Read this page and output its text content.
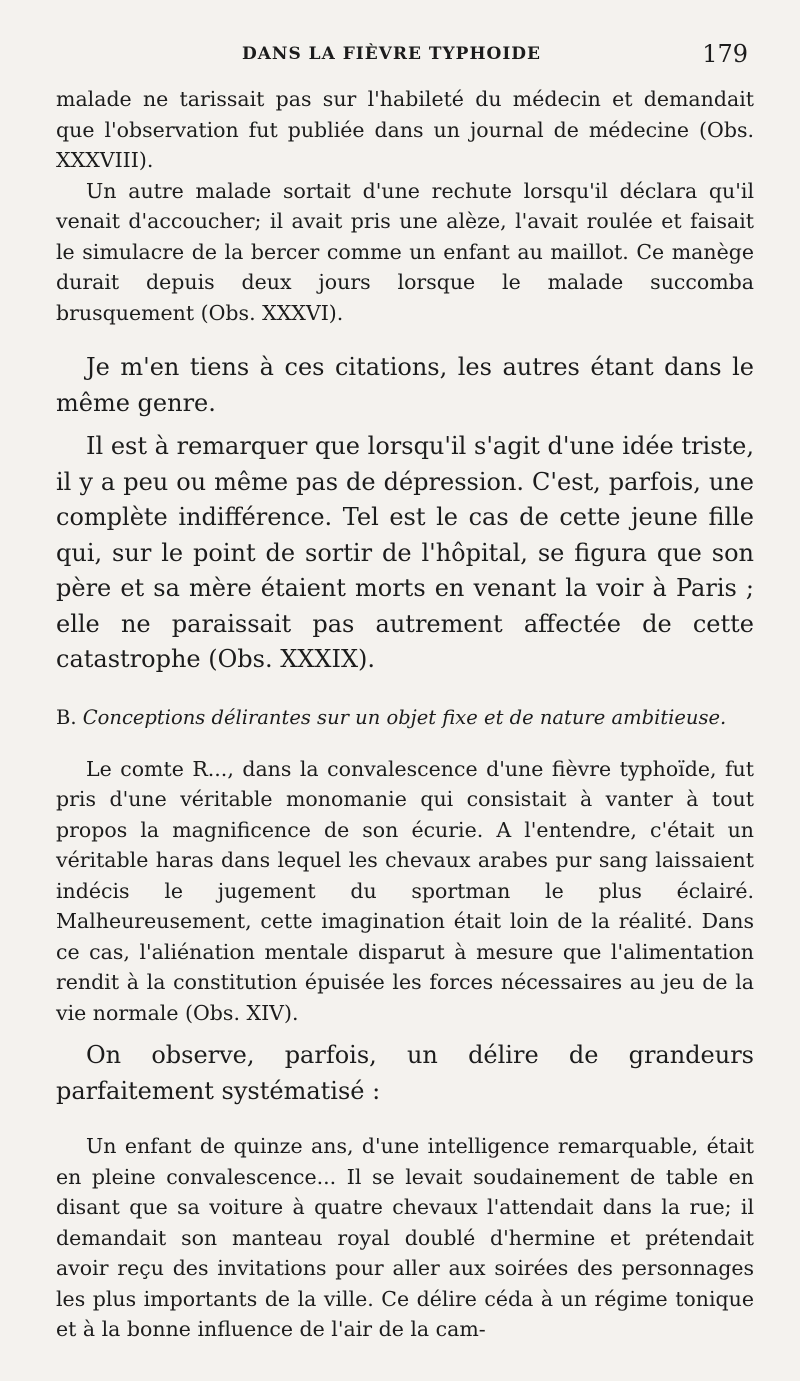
DANS LA FIÈVRE TYPHOIDE	179

malade ne tarissait pas sur l'habileté du médecin et demandait que l'observation fut publiée dans un journal de médecine (Obs. XXXVIII).

Un autre malade sortait d'une rechute lorsqu'il déclara qu'il venait d'accoucher; il avait pris une alèze, l'avait roulée et faisait le simulacre de la bercer comme un enfant au maillot. Ce manège durait depuis deux jours lorsque le malade succomba brusquement (Obs. XXXVI).

Je m'en tiens à ces citations, les autres étant dans le même genre.

Il est à remarquer que lorsqu'il s'agit d'une idée triste, il y a peu ou même pas de dépression. C'est, parfois, une complète indifférence. Tel est le cas de cette jeune fille qui, sur le point de sortir de l'hôpital, se figura que son père et sa mère étaient morts en venant la voir à Paris ; elle ne paraissait pas autrement affectée de cette catastrophe (Obs. XXXIX).

B. Conceptions délirantes sur un objet fixe et de nature ambitieuse.

Le comte R..., dans la convalescence d'une fièvre typhoïde, fut pris d'une véritable monomanie qui consistait à vanter à tout propos la magnificence de son écurie. A l'entendre, c'était un véritable haras dans lequel les chevaux arabes pur sang laissaient indécis le jugement du sportman le plus éclairé. Malheureusement, cette imagination était loin de la réalité. Dans ce cas, l'aliénation mentale disparut à mesure que l'alimentation rendit à la constitution épuisée les forces nécessaires au jeu de la vie normale (Obs. XIV).

On observe, parfois, un délire de grandeurs parfaitement systématisé :

Un enfant de quinze ans, d'une intelligence remarquable, était en pleine convalescence... Il se levait soudainement de table en disant que sa voiture à quatre chevaux l'attendait dans la rue; il demandait son manteau royal doublé d'hermine et prétendait avoir reçu des invitations pour aller aux soirées des personnages les plus importants de la ville. Ce délire céda à un régime tonique et à la bonne influence de l'air de la cam-
